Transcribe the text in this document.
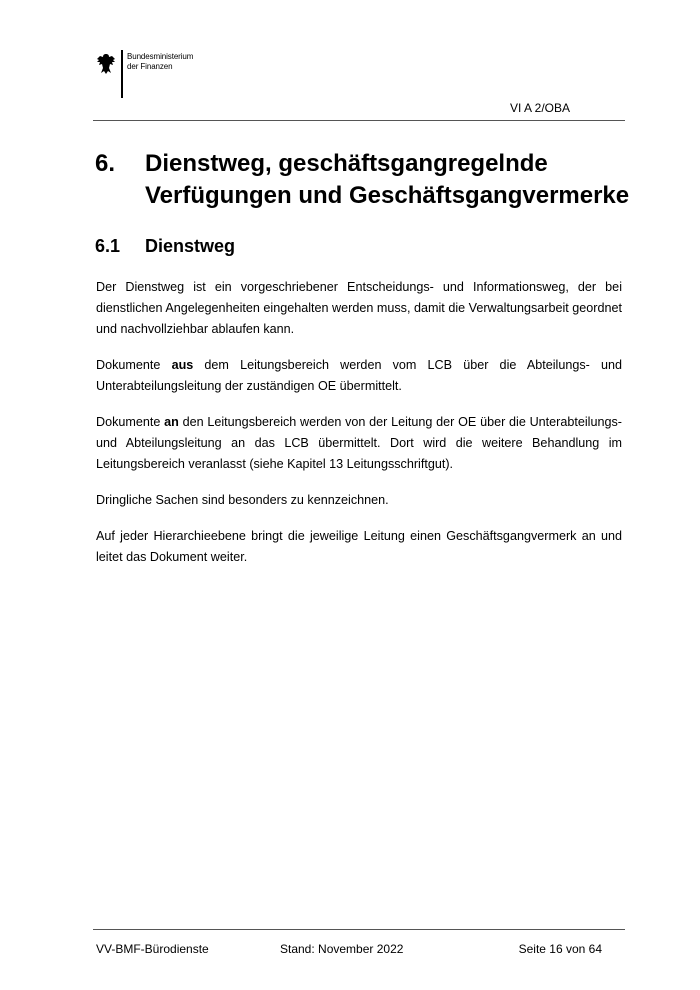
Bundesministerium
der Finanzen
VI A 2/OBA
6. Dienstweg, geschäftsgangregelnde Verfügungen und Geschäftsgangvermerke
6.1 Dienstweg

Der Dienstweg ist ein vorgeschriebener Entscheidungs- und Informationsweg, der bei dienstlichen Angelegenheiten eingehalten werden muss, damit die Verwaltungsarbeit geordnet und nachvollziehbar ablaufen kann.

Dokumente aus dem Leitungsbereich werden vom LCB über die Abteilungs- und Unterabteilungsleitung der zuständigen OE übermittelt.

Dokumente an den Leitungsbereich werden von der Leitung der OE über die Unterabteilungs- und Abteilungsleitung an das LCB übermittelt. Dort wird die weitere Behandlung im Leitungsbereich veranlasst (siehe Kapitel 13 Leitungsschriftgut).

Dringliche Sachen sind besonders zu kennzeichnen.

Auf jeder Hierarchieebene bringt die jeweilige Leitung einen Geschäftsgangvermerk an und leitet das Dokument weiter.

VV-BMF-Bürodienste	Stand: November 2022	Seite 16 von 64
